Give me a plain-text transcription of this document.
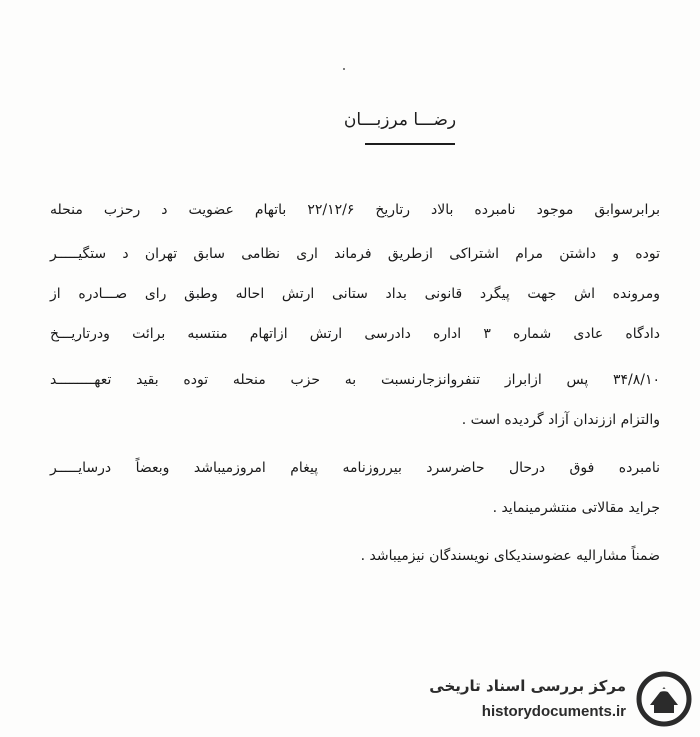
رضـــا مرزبـــان
برابرسوابق موجود نامبرده بالاد رتاریخ ۲۲/۱۲/۶ باتهام عضویت د رحزب منحله
توده و داشتن مرام اشتراکی ازطریق فرماند اری نظامی سابق تهران د ستگیـــــر
ومرونده اش جهت پیگرد قانونی بداد ستانی ارتش احاله وطبق رای صـــادره از
دادگاه عادی شماره ۳ اداره دادرسی ارتش ازاتهام منتسبه برائت ودرتاریـــخ
۳۴/۸/۱۰ پس ازابراز تنفروانزجارنسبت به حزب منحله توده بقید تعهـــــــــد
والتزام اززندان آزاد گردیده است .
نامبرده فوق درحال حاضرسرد بیرروزنامه پیغام امروزمیباشد وبعضاً درسایـــــر
جراید مقالاتی منتشرمینماید .
ضمناً مشارالیه عضوسندیکای نویسندگان نیزمیباشد .
مرکز بررسی اسناد تاریخی
historydocuments.ir
